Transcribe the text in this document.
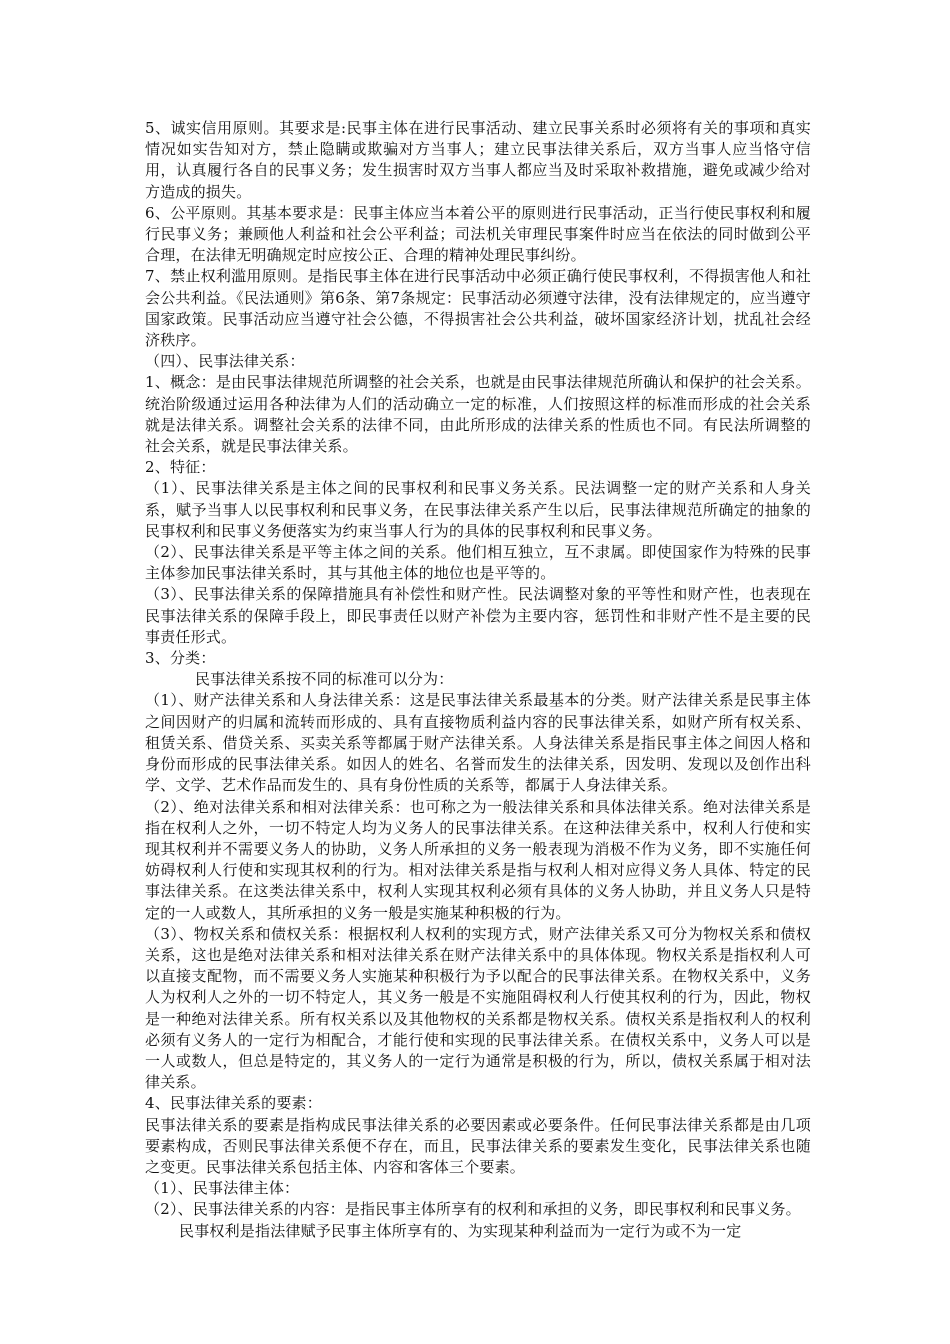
5、诚实信用原则。其要求是:民事主体在进行民事活动、建立民事关系时必须将有关的事项和真实情况如实告知对方，禁止隐瞒或欺骗对方当事人；建立民事法律关系后，双方当事人应当恪守信用，认真履行各自的民事义务；发生损害时双方当事人都应当及时采取补救措施，避免或减少给对方造成的损失。

6、公平原则。其基本要求是：民事主体应当本着公平的原则进行民事活动，正当行使民事权利和履行民事义务；兼顾他人利益和社会公平利益；司法机关审理民事案件时应当在依法的同时做到公平合理，在法律无明确规定时应按公正、合理的精神处理民事纠纷。

7、禁止权利滥用原则。是指民事主体在进行民事活动中必须正确行使民事权利，不得损害他人和社会公共利益。《民法通则》第6条、第7条规定：民事活动必须遵守法律，没有法律规定的，应当遵守国家政策。民事活动应当遵守社会公德，不得损害社会公共利益，破坏国家经济计划，扰乱社会经济秩序。

（四）、民事法律关系：

1、概念：是由民事法律规范所调整的社会关系，也就是由民事法律规范所确认和保护的社会关系。统治阶级通过运用各种法律为人们的活动确立一定的标准，人们按照这样的标准而形成的社会关系就是法律关系。调整社会关系的法律不同，由此所形成的法律关系的性质也不同。有民法所调整的社会关系，就是民事法律关系。

2、特征：

（1）、民事法律关系是主体之间的民事权利和民事义务关系。民法调整一定的财产关系和人身关系，赋予当事人以民事权利和民事义务，在民事法律关系产生以后，民事法律规范所确定的抽象的民事权利和民事义务便落实为约束当事人行为的具体的民事权利和民事义务。

（2）、民事法律关系是平等主体之间的关系。他们相互独立，互不隶属。即使国家作为特殊的民事主体参加民事法律关系时，其与其他主体的地位也是平等的。

（3）、民事法律关系的保障措施具有补偿性和财产性。民法调整对象的平等性和财产性，也表现在民事法律关系的保障手段上，即民事责任以财产补偿为主要内容，惩罚性和非财产性不是主要的民事责任形式。

3、分类：

民事法律关系按不同的标准可以分为：

（1）、财产法律关系和人身法律关系：这是民事法律关系最基本的分类。财产法律关系是民事主体之间因财产的归属和流转而形成的、具有直接物质利益内容的民事法律关系，如财产所有权关系、租赁关系、借贷关系、买卖关系等都属于财产法律关系。人身法律关系是指民事主体之间因人格和身份而形成的民事法律关系。如因人的姓名、名誉而发生的法律关系，因发明、发现以及创作出科学、文学、艺术作品而发生的、具有身份性质的关系等，都属于人身法律关系。

（2）、绝对法律关系和相对法律关系：也可称之为一般法律关系和具体法律关系。绝对法律关系是指在权利人之外，一切不特定人均为义务人的民事法律关系。在这种法律关系中，权利人行使和实现其权利并不需要义务人的协助，义务人所承担的义务一般表现为消极不作为义务，即不实施任何妨碍权利人行使和实现其权利的行为。相对法律关系是指与权利人相对应得义务人具体、特定的民事法律关系。在这类法律关系中，权利人实现其权利必须有具体的义务人协助，并且义务人只是特定的一人或数人，其所承担的义务一般是实施某种积极的行为。

（3）、物权关系和债权关系：根据权利人权利的实现方式，财产法律关系又可分为物权关系和债权关系，这也是绝对法律关系和相对法律关系在财产法律关系中的具体体现。物权关系是指权利人可以直接支配物，而不需要义务人实施某种积极行为予以配合的民事法律关系。在物权关系中，义务人为权利人之外的一切不特定人，其义务一般是不实施阻碍权利人行使其权利的行为，因此，物权是一种绝对法律关系。所有权关系以及其他物权的关系都是物权关系。债权关系是指权利人的权利必须有义务人的一定行为相配合，才能行使和实现的民事法律关系。在债权关系中，义务人可以是一人或数人，但总是特定的，其义务人的一定行为通常是积极的行为，所以，债权关系属于相对法律关系。

4、民事法律关系的要素：

民事法律关系的要素是指构成民事法律关系的必要因素或必要条件。任何民事法律关系都是由几项要素构成，否则民事法律关系便不存在，而且，民事法律关系的要素发生变化，民事法律关系也随之变更。民事法律关系包括主体、内容和客体三个要素。

（1）、民事法律主体：

（2）、民事法律关系的内容：是指民事主体所享有的权利和承担的义务，即民事权利和民事义务。

民事权利是指法律赋予民事主体所享有的、为实现某种利益而为一定行为或不为一定
